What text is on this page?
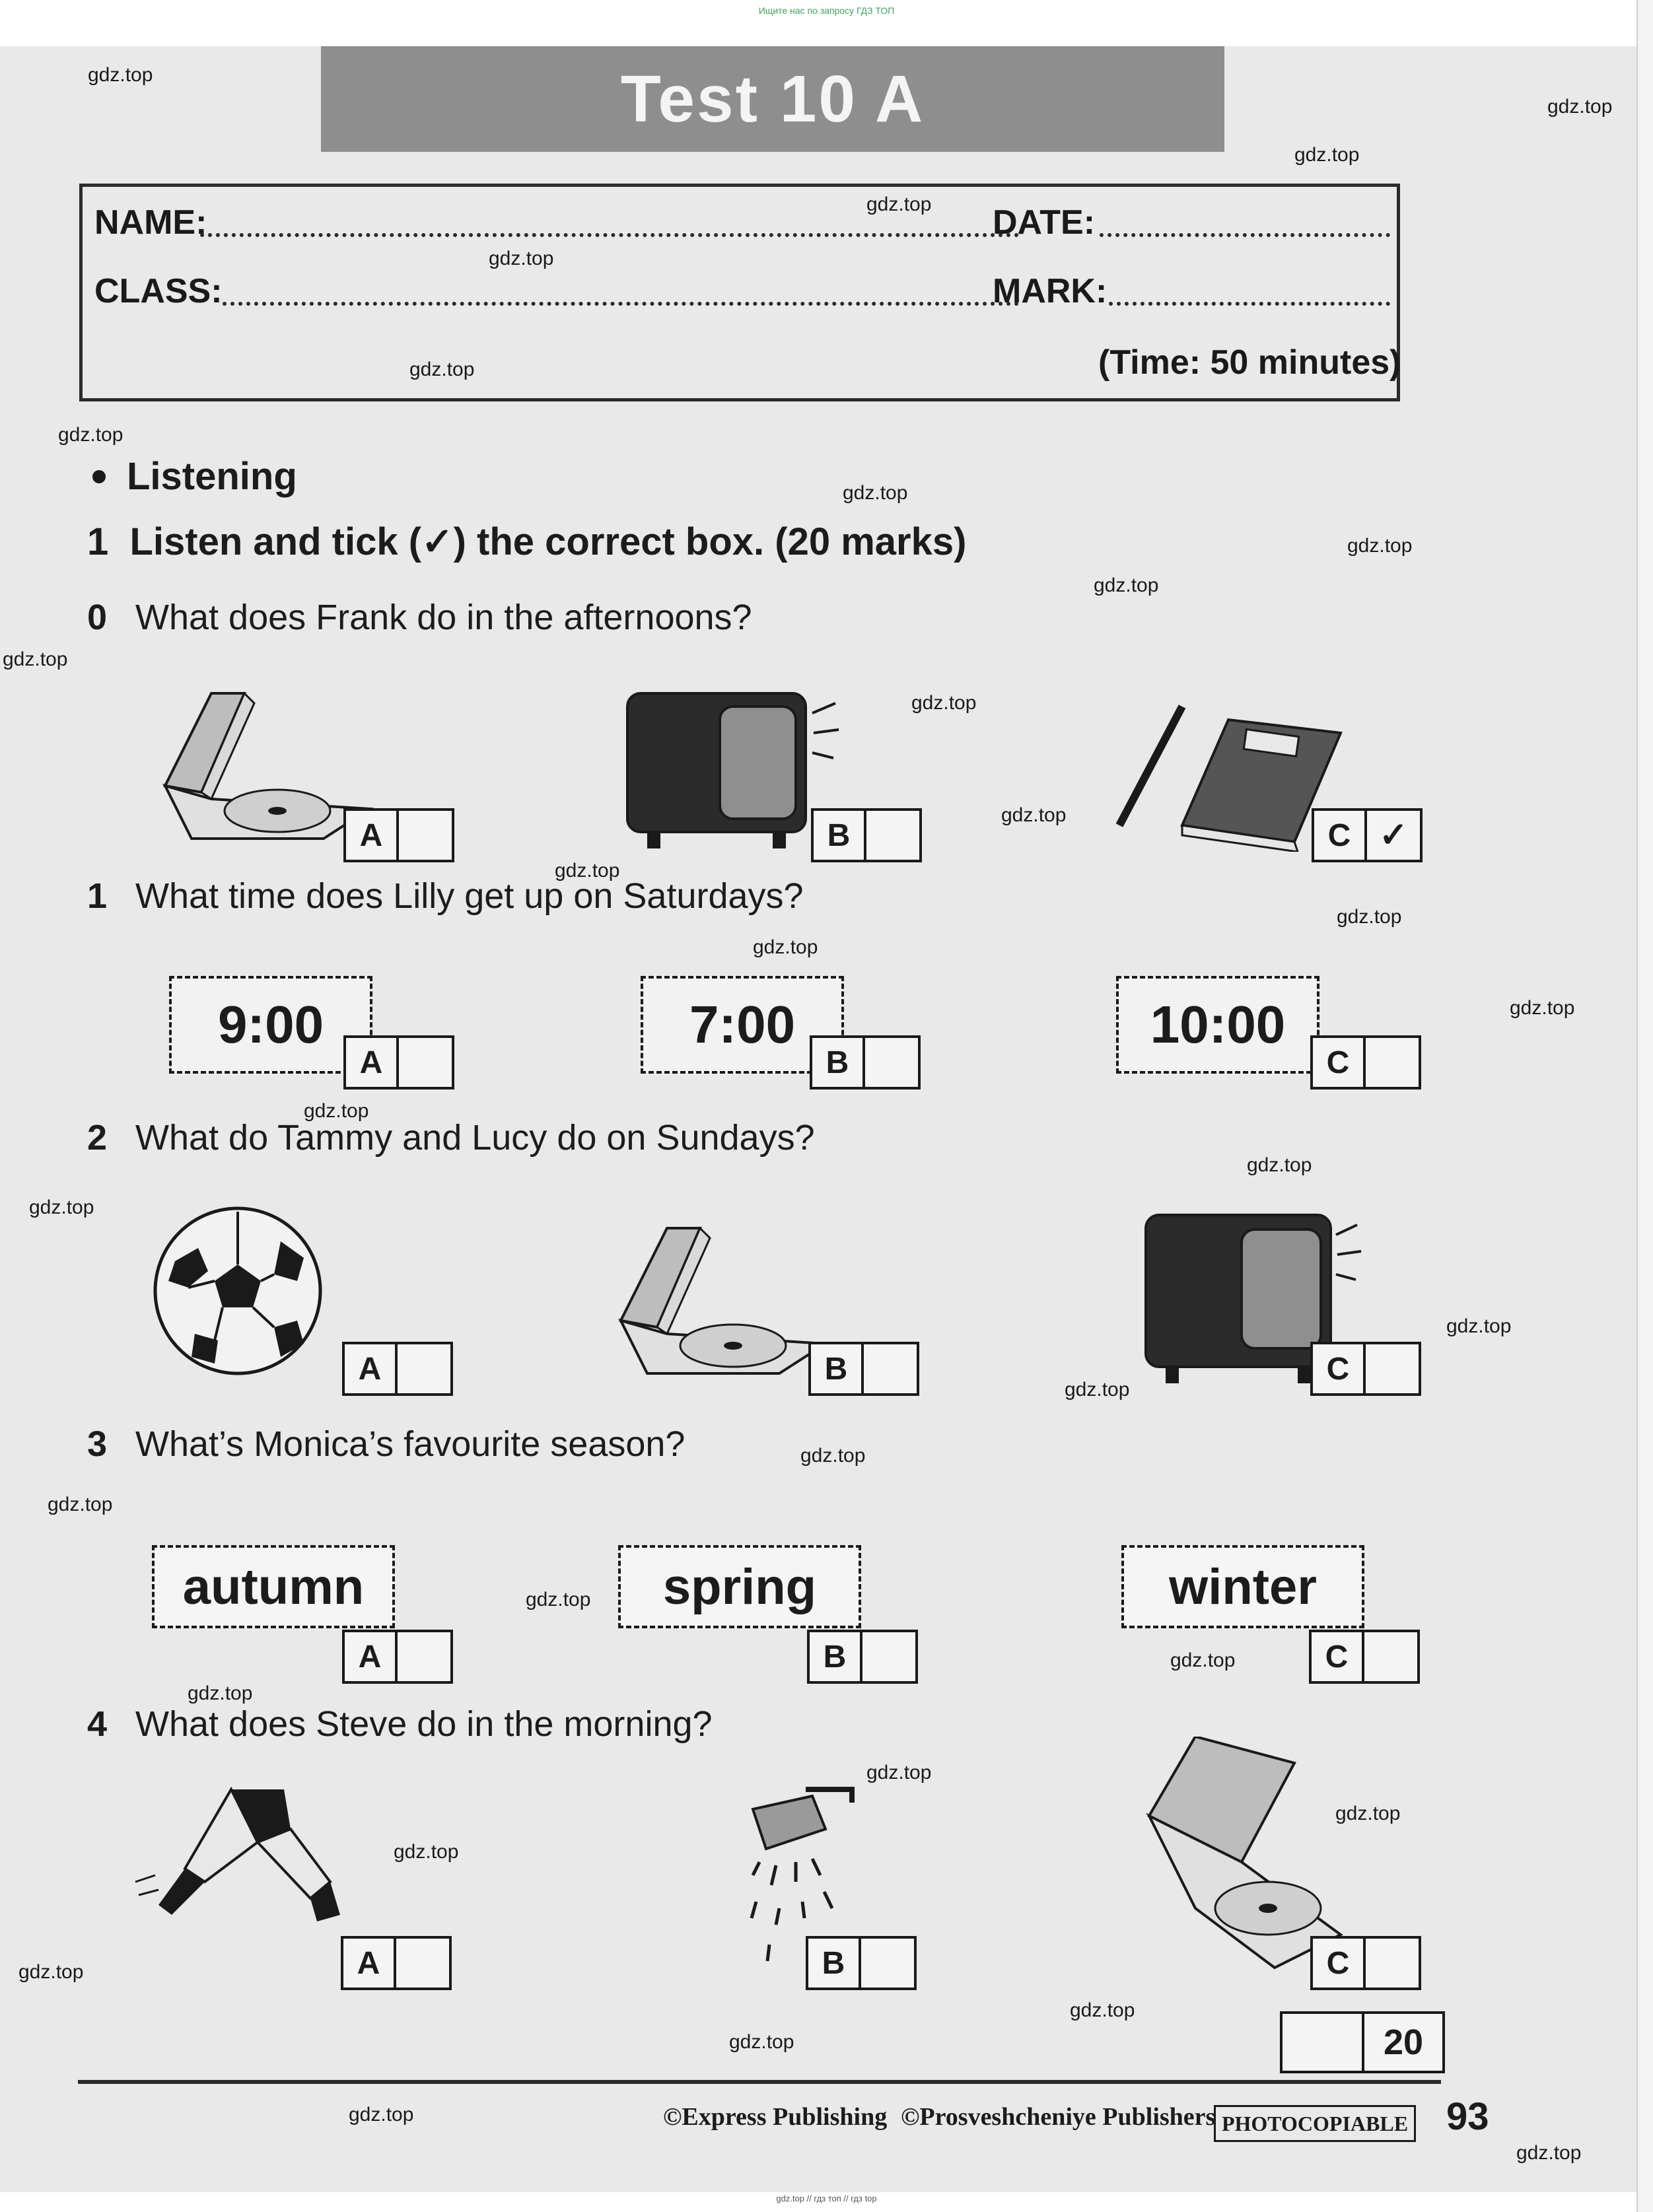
Ищите нас по запросу ГДЗ ТОП
Test 10 A
NAME:
CLASS:
DATE:
MARK:
(Time: 50 minutes)
Listening
1 Listen and tick (✓) the correct box. (20 marks)
0 What does Frank do in the afternoons?
A	B	C ✓
1 What time does Lilly get up on Saturdays?
9:00	7:00	10:00
A	B	C
2 What do Tammy and Lucy do on Sundays?
A	B	C
3 What’s Monica’s favourite season?
autumn	spring	winter
A	B	C
4 What does Steve do in the morning?
A	B	C
20
©Express Publishing ©Prosveshcheniye Publishers PHOTOCOPIABLE 93
gdz.top // гдз топ // гдз top
gdz.top
gdz.top
gdz.top
gdz.top
gdz.top
gdz.top
gdz.top
gdz.top
gdz.top
gdz.top
gdz.top
gdz.top
gdz.top
gdz.top
gdz.top
gdz.top
gdz.top
gdz.top
gdz.top
gdz.top
gdz.top
gdz.top
gdz.top
gdz.top
gdz.top
gdz.top
gdz.top
gdz.top
gdz.top
gdz.top
gdz.top
gdz.top
gdz.top
gdz.top
gdz.top
